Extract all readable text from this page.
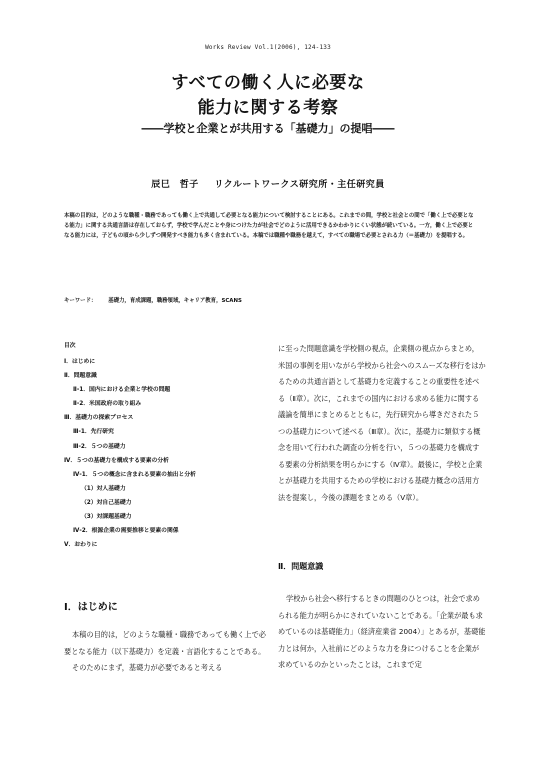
Works Review Vol.1(2006), 124-133
すべての働く人に必要な
能力に関する考察
――学校と企業とが共用する「基礎力」の提唱――
辰巳　哲子 リクルートワークス研究所・主任研究員

本稿の目的は，どのような職種・職務であっても働く上で共通して必要となる能力について検討することにある。これまでの間，学校と社会との間で「働く上で必要となる能力」に関する共通言語は存在しておらず，学校で学んだことや身につけた力が社会でどのように活用できるかわかりにくい状態が続いている。一方，働く上で必要となる能力には，子どもの頃から少しずつ開発すべき能力も多く含まれている。本稿では職種や職務を越えて，すべての職場で必要とされる力（＝基礎力）を提唱する。

キーワード： 基礎力，育成課題，職務領域，キャリア教育，SCANS
目次
Ⅰ．はじめに
Ⅱ．問題意識
Ⅱ-1．国内における企業と学校の問題
Ⅱ-2．米国政府の取り組み
Ⅲ．基礎力の探索プロセス
Ⅲ-1．先行研究
Ⅲ-2．５つの基礎力
Ⅳ．５つの基礎力を構成する要素の分析
Ⅳ-1．５つの概念に含まれる要素の抽出と分析
（1）対人基礎力
（2）対自己基礎力
（3）対課題基礎力
Ⅳ-2．根源企業の需要推移と要素の関係
Ⅴ．おわりに
Ⅰ．はじめに

本稿の目的は，どのような職種・職務であっても働く上で必要となる能力（以下基礎力）を定義・言語化することである。

そのためにまず，基礎力が必要であると考える

に至った問題意識を学校側の視点，企業側の視点からまとめ，米国の事例を用いながら学校から社会へのスムーズな移行をはかるための共通言語として基礎力を定義することの重要性を述べる（Ⅱ章）。次に，これまでの国内における求める能力に関する議論を簡単にまとめるとともに，先行研究から導きだされた５つの基礎力について述べる（Ⅲ章）。次に，基礎力に類似する概念を用いて行われた調査の分析を行い，５つの基礎力を構成する要素の分析結果を明らかにする（Ⅳ章）。最後に，学校と企業とが基礎力を共用するための学校における基礎力概念の活用方法を提案し，今後の課題をまとめる（Ⅴ章）。

Ⅱ．問題意識

学校から社会へ移行するときの問題のひとつは，社会で求められる能力が明らかにされていないことである。「企業が最も求めているのは基礎能力」（経済産業省 2004）」とあるが，基礎能力とは何か，入社前にどのような力を身につけることを企業が求めているのかといったことは，これまで定
